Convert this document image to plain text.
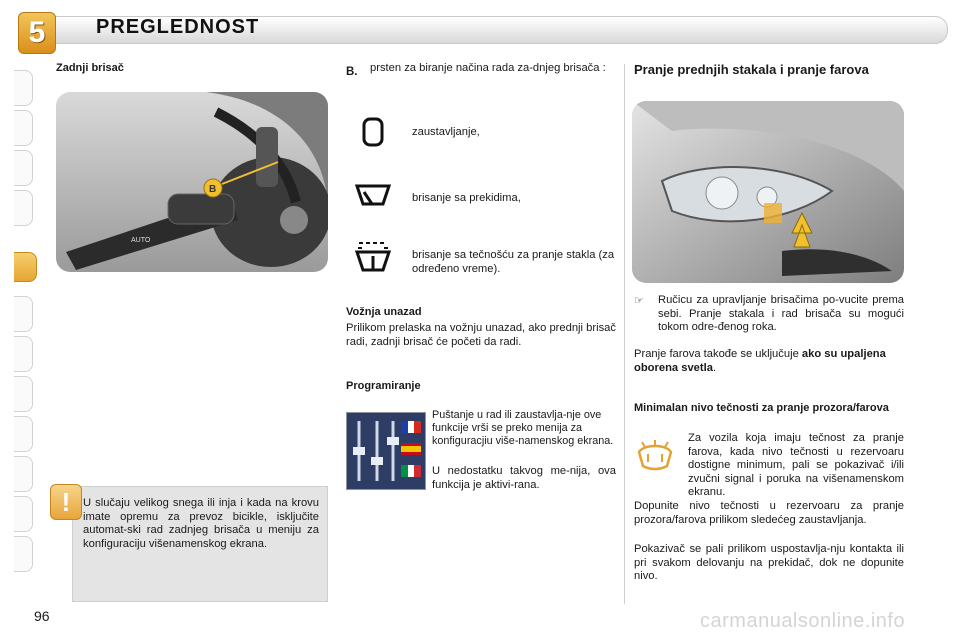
5	PREGLEDNOST
Zadnji brisač
AUTO
B
U slučaju velikog snega ili inja i kada na krovu imate opremu za prevoz bicikle, isključite automat-ski rad zadnjeg brisača u meniju za konfiguraciju višenamenskog ekrana.
!
96
B. prsten za biranje načina rada za-dnjeg brisača :
zaustavljanje,
brisanje sa prekidima,
brisanje sa tečnošću za pranje stakla (za određeno vreme).
Vožnja unazad
Prilikom prelaska na vožnju unazad, ako prednji brisač radi, zadnji brisač će početi da radi.
Programiranje
Puštanje u rad ili zaustavlja-nje ove funkcije vrši se preko menija za konfiguracjiu više-namenskog ekrana.
U nedostatku takvog me-nija, ova funkcija je aktivi-rana.
Pranje prednjih stakala i pranje farova
☞ Ručicu za upravljanje brisačima po-vucite prema sebi. Pranje stakala i rad brisača su mogući tokom odre-đenog roka.
Pranje farova takođe se uključuje ako su upaljena oborena svetla.
Minimalan nivo tečnosti za pranje prozora/farova
Za vozila koja imaju tečnost za pranje farova, kada nivo tečnosti u rezervoaru dostigne minimum, pali se pokazivač i/ili zvučni signal i poruka na višenamenskom ekranu.
Dopunite nivo tečnosti u rezervoaru za pranje prozora/farova prilikom sledećeg zaustavljanja.
Pokazivač se pali prilikom uspostavlja-nju kontakta ili pri svakom delovanju na prekidač, dok ne dopunite nivo.
carmanualsonline.info
